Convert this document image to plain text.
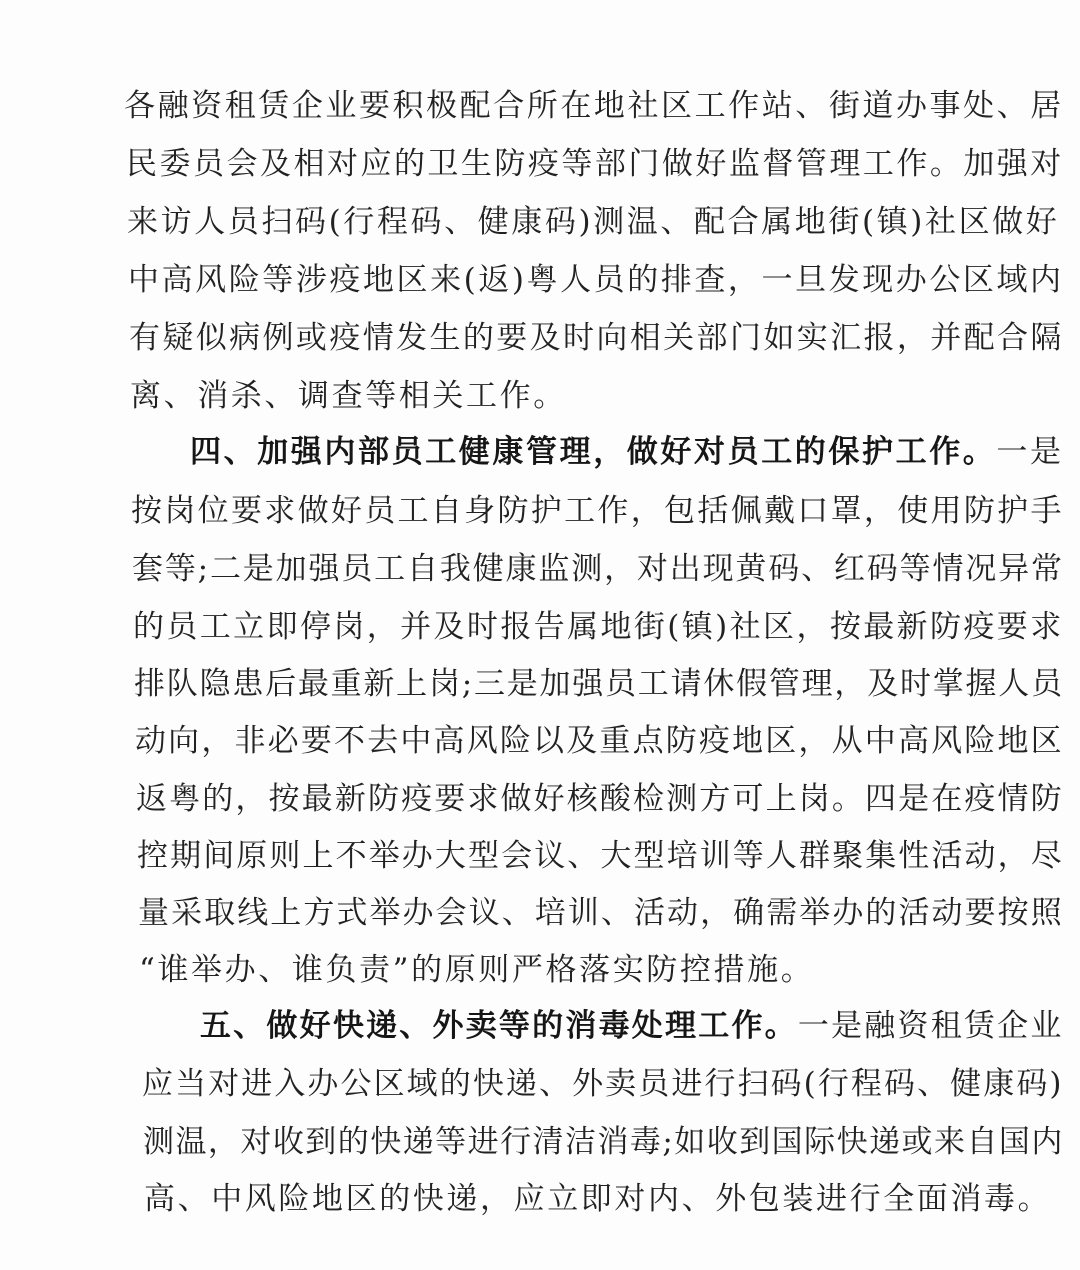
各融资租赁企业要积极配合所在地社区工作站、街道办事处、居
民委员会及相对应的卫生防疫等部门做好监督管理工作。加强对
来访人员扫码(行程码、健康码)测温、配合属地街(镇)社区做好
中高风险等涉疫地区来(返)粤人员的排查，一旦发现办公区域内
有疑似病例或疫情发生的要及时向相关部门如实汇报，并配合隔
离、消杀、调查等相关工作。
四、加强内部员工健康管理，做好对员工的保护工作。一是
按岗位要求做好员工自身防护工作，包括佩戴口罩，使用防护手
套等;二是加强员工自我健康监测，对出现黄码、红码等情况异常
的员工立即停岗，并及时报告属地街(镇)社区，按最新防疫要求
排队隐患后最重新上岗;三是加强员工请休假管理，及时掌握人员
动向，非必要不去中高风险以及重点防疫地区，从中高风险地区
返粤的，按最新防疫要求做好核酸检测方可上岗。四是在疫情防
控期间原则上不举办大型会议、大型培训等人群聚集性活动，尽
量采取线上方式举办会议、培训、活动，确需举办的活动要按照
“谁举办、谁负责”的原则严格落实防控措施。
五、做好快递、外卖等的消毒处理工作。一是融资租赁企业
应当对进入办公区域的快递、外卖员进行扫码(行程码、健康码)
测温，对收到的快递等进行清洁消毒;如收到国际快递或来自国内
高、中风险地区的快递，应立即对内、外包装进行全面消毒。
